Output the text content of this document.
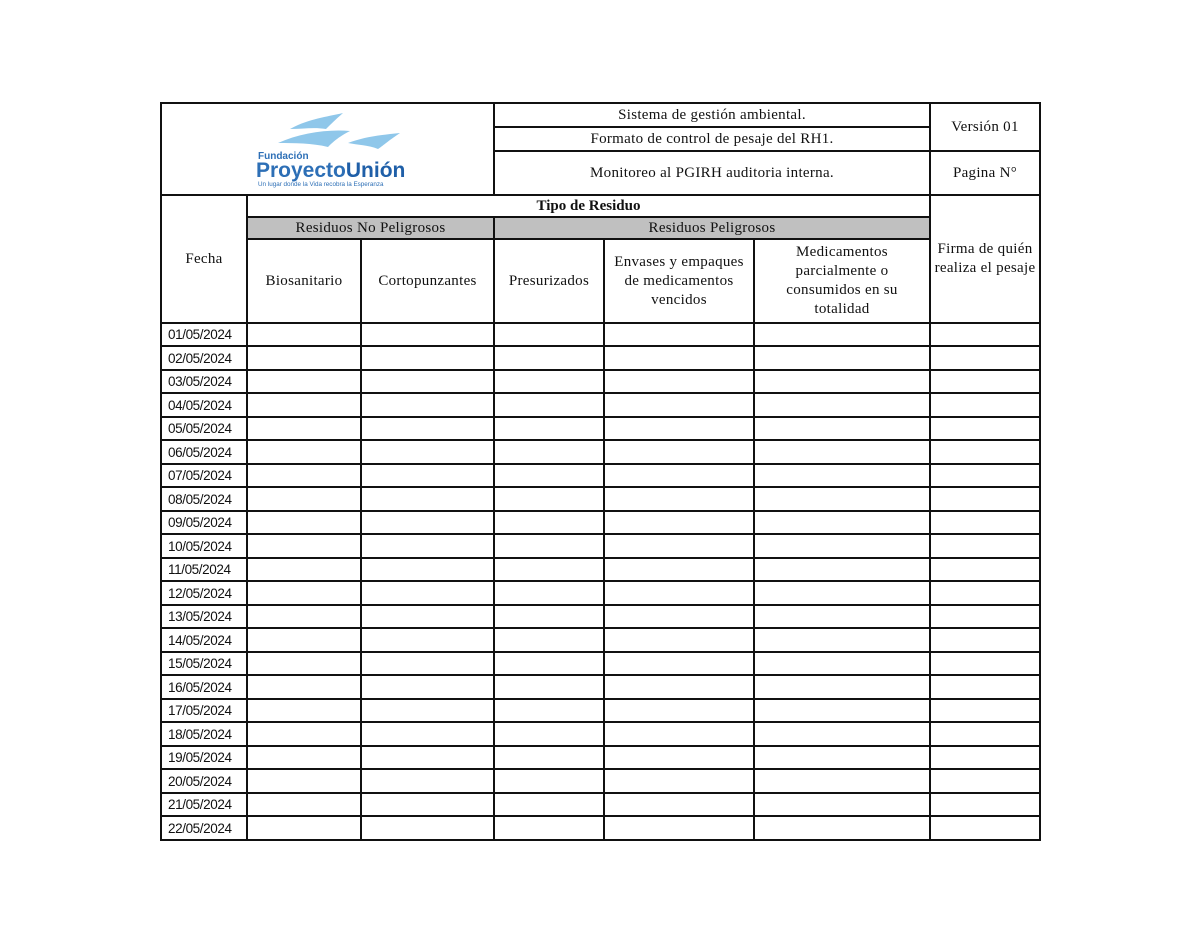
Fundación
ProyectoUnión
Un lugar donde la Vida recobra la Esperanza			Sistema de gestión ambiental.			Versión 01
			Formato de control de pesaje del RH1.			
			Monitoreo al PGIRH auditoria interna.			Pagina N°
Fecha	Tipo de Residuo					Firma de quién realiza el pesaje
	Residuos No Peligrosos		Residuos Peligrosos			
	Biosanitario	Cortopunzantes	Presurizados	Envases y empaques de medicamentos vencidos	Medicamentos parcialmente o consumidos en su totalidad	
01/05/2024						
02/05/2024						
03/05/2024						
04/05/2024						
05/05/2024						
06/05/2024						
07/05/2024						
08/05/2024						
09/05/2024						
10/05/2024						
11/05/2024						
12/05/2024						
13/05/2024						
14/05/2024						
15/05/2024						
16/05/2024						
17/05/2024						
18/05/2024						
19/05/2024						
20/05/2024						
21/05/2024						
22/05/2024						
